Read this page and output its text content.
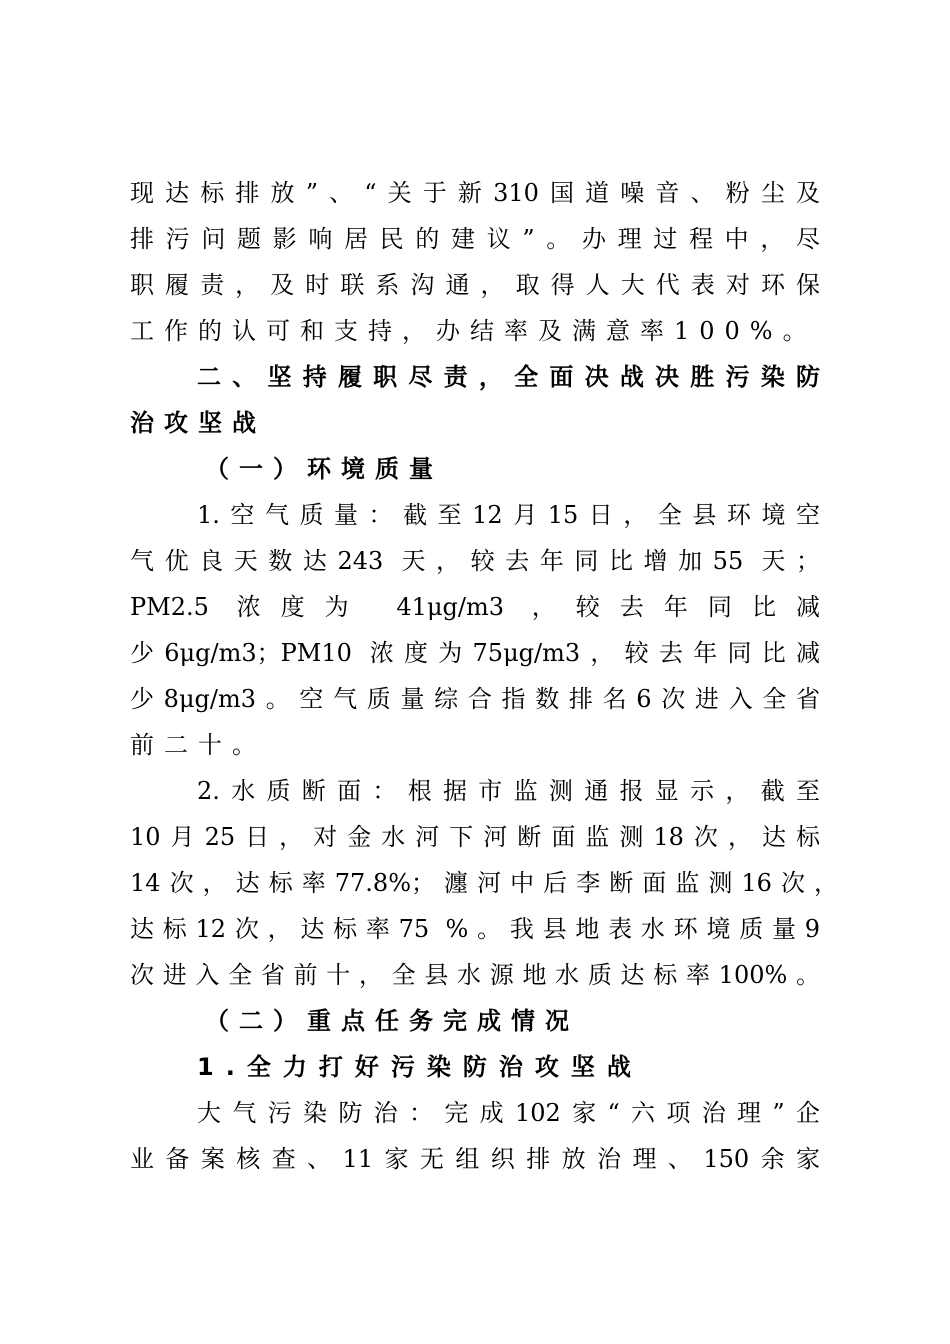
现达标排放”、“关于新310国道噪音、粉尘及
排污问题影响居民的建议”。办理过程中，尽
职履责，及时联系沟通，取得人大代表对环保
工作的认可和支持，办结率及满意率100%。
二、坚持履职尽责，全面决战决胜污染防
治攻坚战
（一）环境质量
1.空气质量：截至12月15日，全县环境空
气优良天数达243 天，较去年同比增加55 天；
PM2.5 浓度为 41μg/m3 ，较去年同比减
少6μg/m3；PM10 浓度为75μg/m3，较去年同比减
少8μg/m3。空气质量综合指数排名6次进入全省
前二十。
2.水质断面：根据市监测通报显示，截至
10月25日，对金水河下河断面监测18次，达标
14次，达标率77.8%；瀍河中后李断面监测16次，
达标12次，达标率75 %。我县地表水环境质量9
次进入全省前十，全县水源地水质达标率100%。
（二）重点任务完成情况
1.全力打好污染防治攻坚战
大气污染防治：完成102家“六项治理”企
业备案核查、11家无组织排放治理、150余家
